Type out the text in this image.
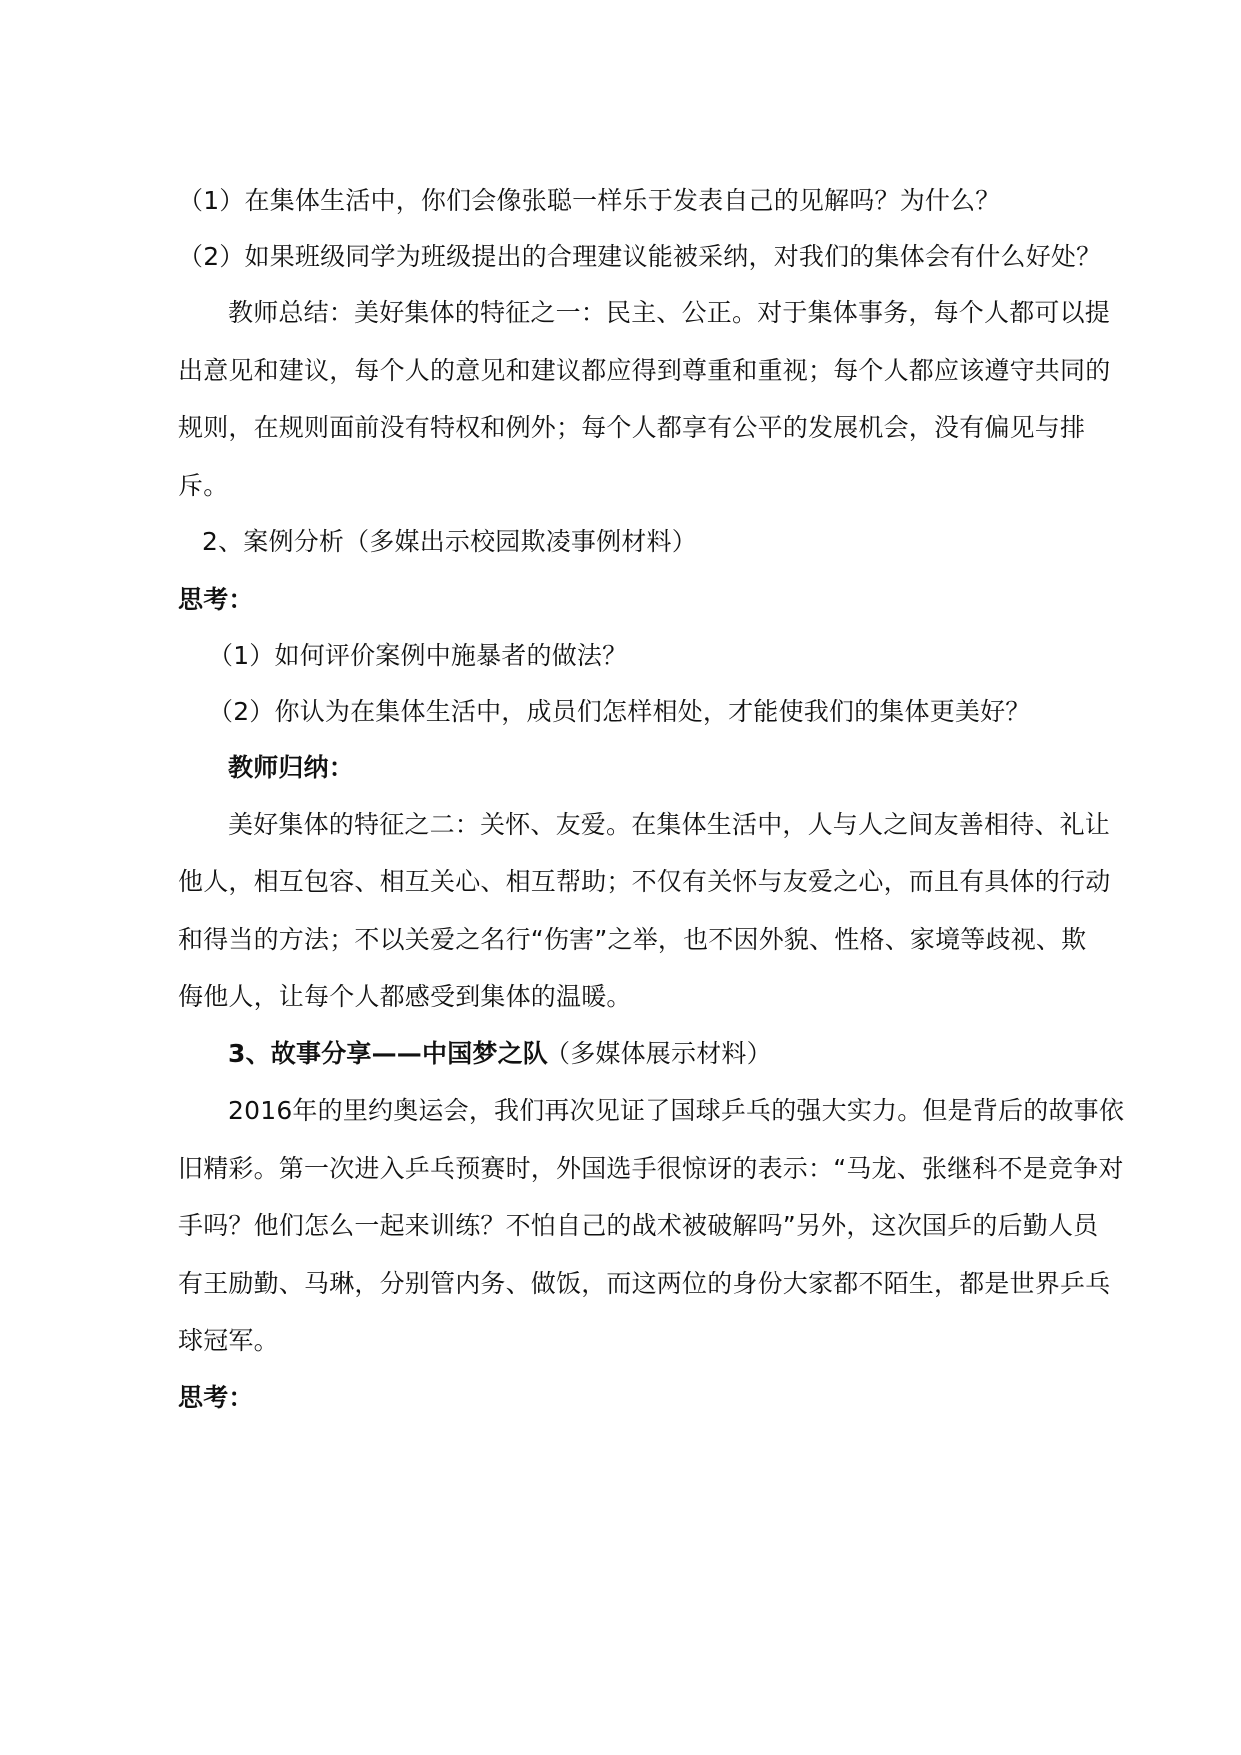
（1）在集体生活中，你们会像张聪一样乐于发表自己的见解吗？为什么？
（2）如果班级同学为班级提出的合理建议能被采纳，对我们的集体会有什么好处？
教师总结：美好集体的特征之一：民主、公正。对于集体事务，每个人都可以提
出意见和建议，每个人的意见和建议都应得到尊重和重视；每个人都应该遵守共同的
规则，在规则面前没有特权和例外；每个人都享有公平的发展机会，没有偏见与排
斥。
2、案例分析（多媒出示校园欺凌事例材料）
思考：
（1）如何评价案例中施暴者的做法？
（2）你认为在集体生活中，成员们怎样相处，才能使我们的集体更美好？
教师归纳：
美好集体的特征之二：关怀、友爱。在集体生活中，人与人之间友善相待、礼让
他人，相互包容、相互关心、相互帮助；不仅有关怀与友爱之心，而且有具体的行动
和得当的方法；不以关爱之名行“伤害”之举，也不因外貌、性格、家境等歧视、欺
侮他人，让每个人都感受到集体的温暖。
3、故事分享——中国梦之队
（多媒体展示材料）
2016年的里约奥运会，我们再次见证了国球乒乓的强大实力。但是背后的故事依
旧精彩。第一次进入乒乓预赛时，外国选手很惊讶的表示：“马龙、张继科不是竞争对
手吗？他们怎么一起来训练？不怕自己的战术被破解吗”另外，这次国乒的后勤人员
有王励勤、马琳，分别管内务、做饭，而这两位的身份大家都不陌生，都是世界乒乓
球冠军。
思考：
